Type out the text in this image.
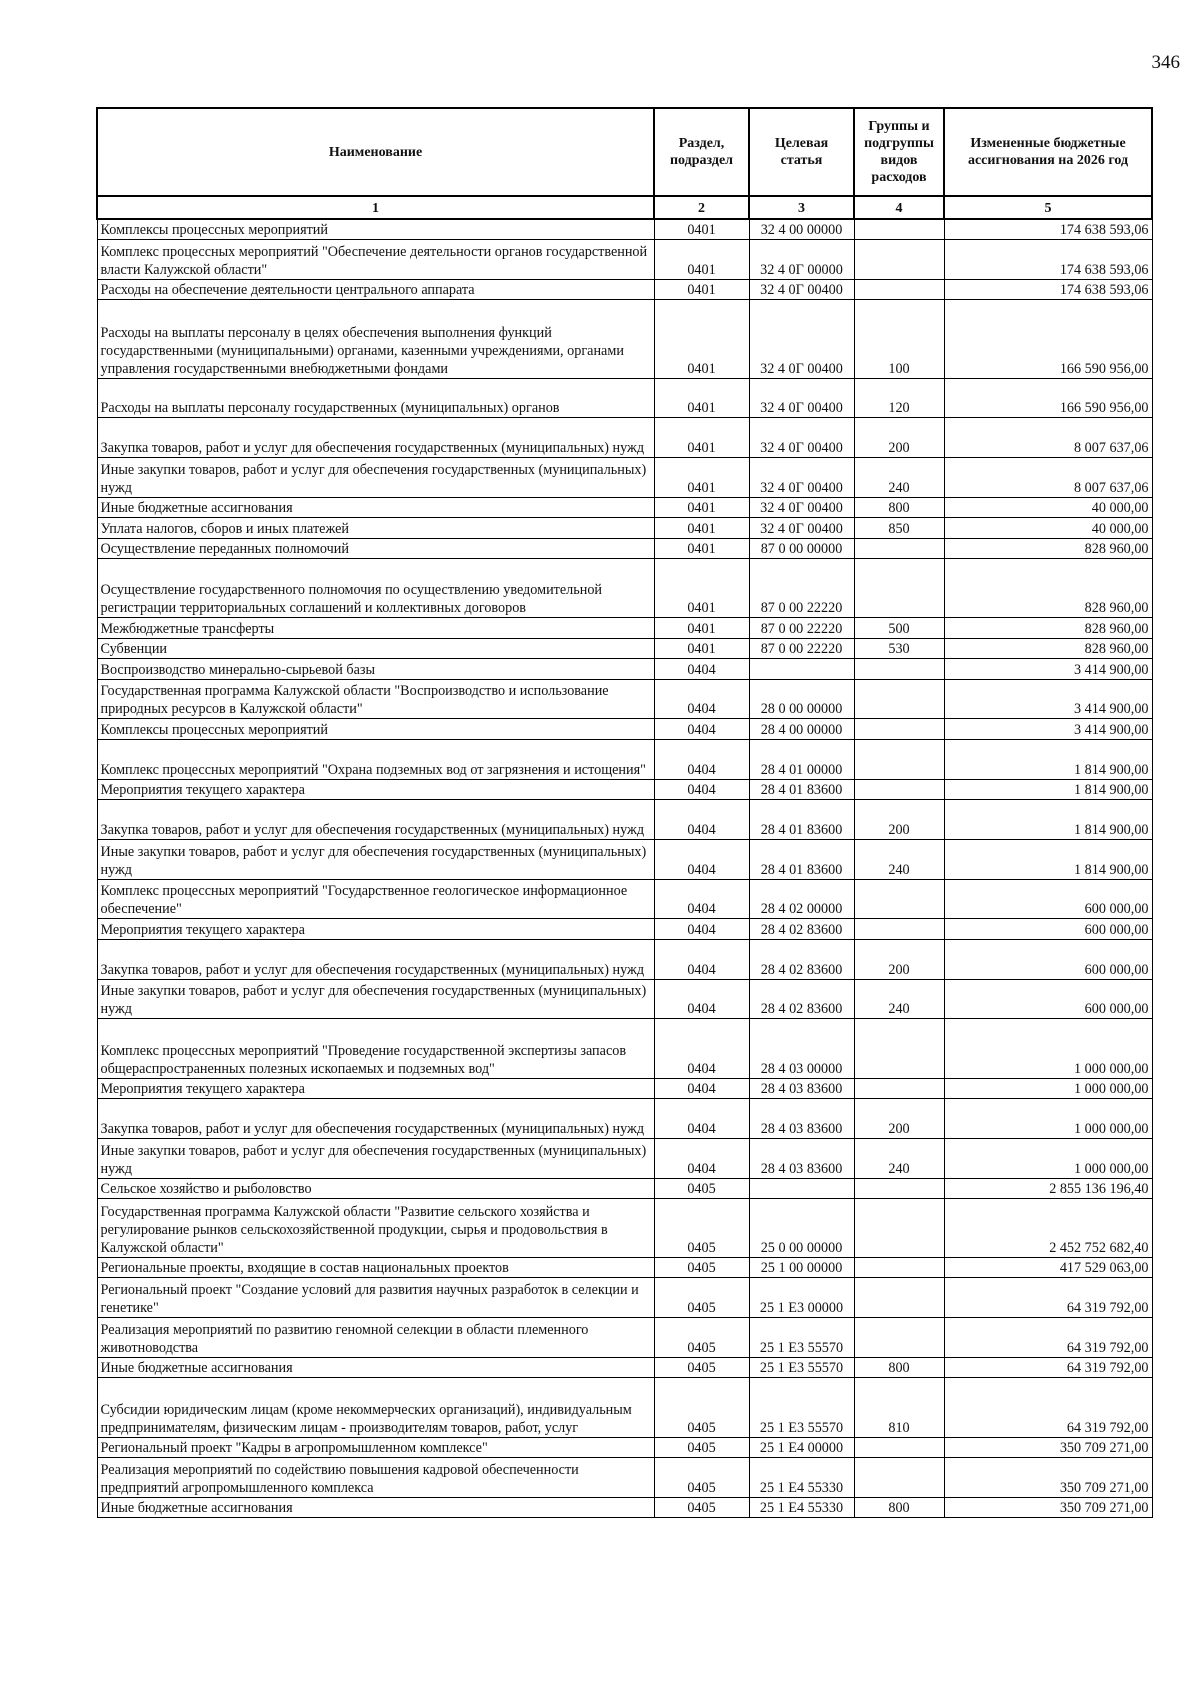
346
Наименование	Раздел, подраздел	Целевая статья	Группы и подгруппы видов расходов	Измененные бюджетные ассигнования на 2026 год
1	2	3	4	5
Комплексы процессных мероприятий	0401	32 4 00 00000		174 638 593,06
Комплекс процессных мероприятий "Обеспечение деятельности органов государственной власти Калужской области"	0401	32 4 0Г 00000		174 638 593,06
Расходы на обеспечение деятельности центрального аппарата	0401	32 4 0Г 00400		174 638 593,06
Расходы на выплаты персоналу в целях обеспечения выполнения функций государственными (муниципальными) органами, казенными учреждениями, органами управления государственными внебюджетными фондами	0401	32 4 0Г 00400	100	166 590 956,00
Расходы на выплаты персоналу государственных (муниципальных) органов	0401	32 4 0Г 00400	120	166 590 956,00
Закупка товаров, работ и услуг для обеспечения государственных (муниципальных) нужд	0401	32 4 0Г 00400	200	8 007 637,06
Иные закупки товаров, работ и услуг для обеспечения государственных (муниципальных) нужд	0401	32 4 0Г 00400	240	8 007 637,06
Иные бюджетные ассигнования	0401	32 4 0Г 00400	800	40 000,00
Уплата налогов, сборов и иных платежей	0401	32 4 0Г 00400	850	40 000,00
Осуществление переданных полномочий	0401	87 0 00 00000		828 960,00
Осуществление государственного полномочия по осуществлению уведомительной регистрации территориальных соглашений и коллективных договоров	0401	87 0 00 22220		828 960,00
Межбюджетные трансферты	0401	87 0 00 22220	500	828 960,00
Субвенции	0401	87 0 00 22220	530	828 960,00
Воспроизводство минерально-сырьевой базы	0404			3 414 900,00
Государственная программа Калужской области "Воспроизводство и использование природных ресурсов в Калужской области"	0404	28 0 00 00000		3 414 900,00
Комплексы процессных мероприятий	0404	28 4 00 00000		3 414 900,00
Комплекс процессных мероприятий "Охрана подземных вод от загрязнения и истощения"	0404	28 4 01 00000		1 814 900,00
Мероприятия текущего характера	0404	28 4 01 83600		1 814 900,00
Закупка товаров, работ и услуг для обеспечения государственных (муниципальных) нужд	0404	28 4 01 83600	200	1 814 900,00
Иные закупки товаров, работ и услуг для обеспечения государственных (муниципальных) нужд	0404	28 4 01 83600	240	1 814 900,00
Комплекс процессных мероприятий "Государственное геологическое информационное обеспечение"	0404	28 4 02 00000		600 000,00
Мероприятия текущего характера	0404	28 4 02 83600		600 000,00
Закупка товаров, работ и услуг для обеспечения государственных (муниципальных) нужд	0404	28 4 02 83600	200	600 000,00
Иные закупки товаров, работ и услуг для обеспечения государственных (муниципальных) нужд	0404	28 4 02 83600	240	600 000,00
Комплекс процессных мероприятий "Проведение государственной экспертизы запасов общераспространенных полезных ископаемых и подземных вод"	0404	28 4 03 00000		1 000 000,00
Мероприятия текущего характера	0404	28 4 03 83600		1 000 000,00
Закупка товаров, работ и услуг для обеспечения государственных (муниципальных) нужд	0404	28 4 03 83600	200	1 000 000,00
Иные закупки товаров, работ и услуг для обеспечения государственных (муниципальных) нужд	0404	28 4 03 83600	240	1 000 000,00
Сельское хозяйство и рыболовство	0405			2 855 136 196,40
Государственная программа Калужской области "Развитие сельского хозяйства и регулирование рынков сельскохозяйственной продукции, сырья и продовольствия в Калужской области"	0405	25 0 00 00000		2 452 752 682,40
Региональные проекты, входящие в состав национальных проектов	0405	25 1 00 00000		417 529 063,00
Региональный проект "Создание условий для развития научных разработок в селекции и генетике"	0405	25 1 E3 00000		64 319 792,00
Реализация мероприятий по развитию геномной селекции в области племенного животноводства	0405	25 1 E3 55570		64 319 792,00
Иные бюджетные ассигнования	0405	25 1 E3 55570	800	64 319 792,00
Субсидии юридическим лицам (кроме некоммерческих организаций), индивидуальным предпринимателям, физическим лицам - производителям товаров, работ, услуг	0405	25 1 E3 55570	810	64 319 792,00
Региональный проект "Кадры в агропромышленном комплексе"	0405	25 1 E4 00000		350 709 271,00
Реализация мероприятий по содействию повышения кадровой обеспеченности предприятий агропромышленного комплекса	0405	25 1 E4 55330		350 709 271,00
Иные бюджетные ассигнования	0405	25 1 E4 55330	800	350 709 271,00
